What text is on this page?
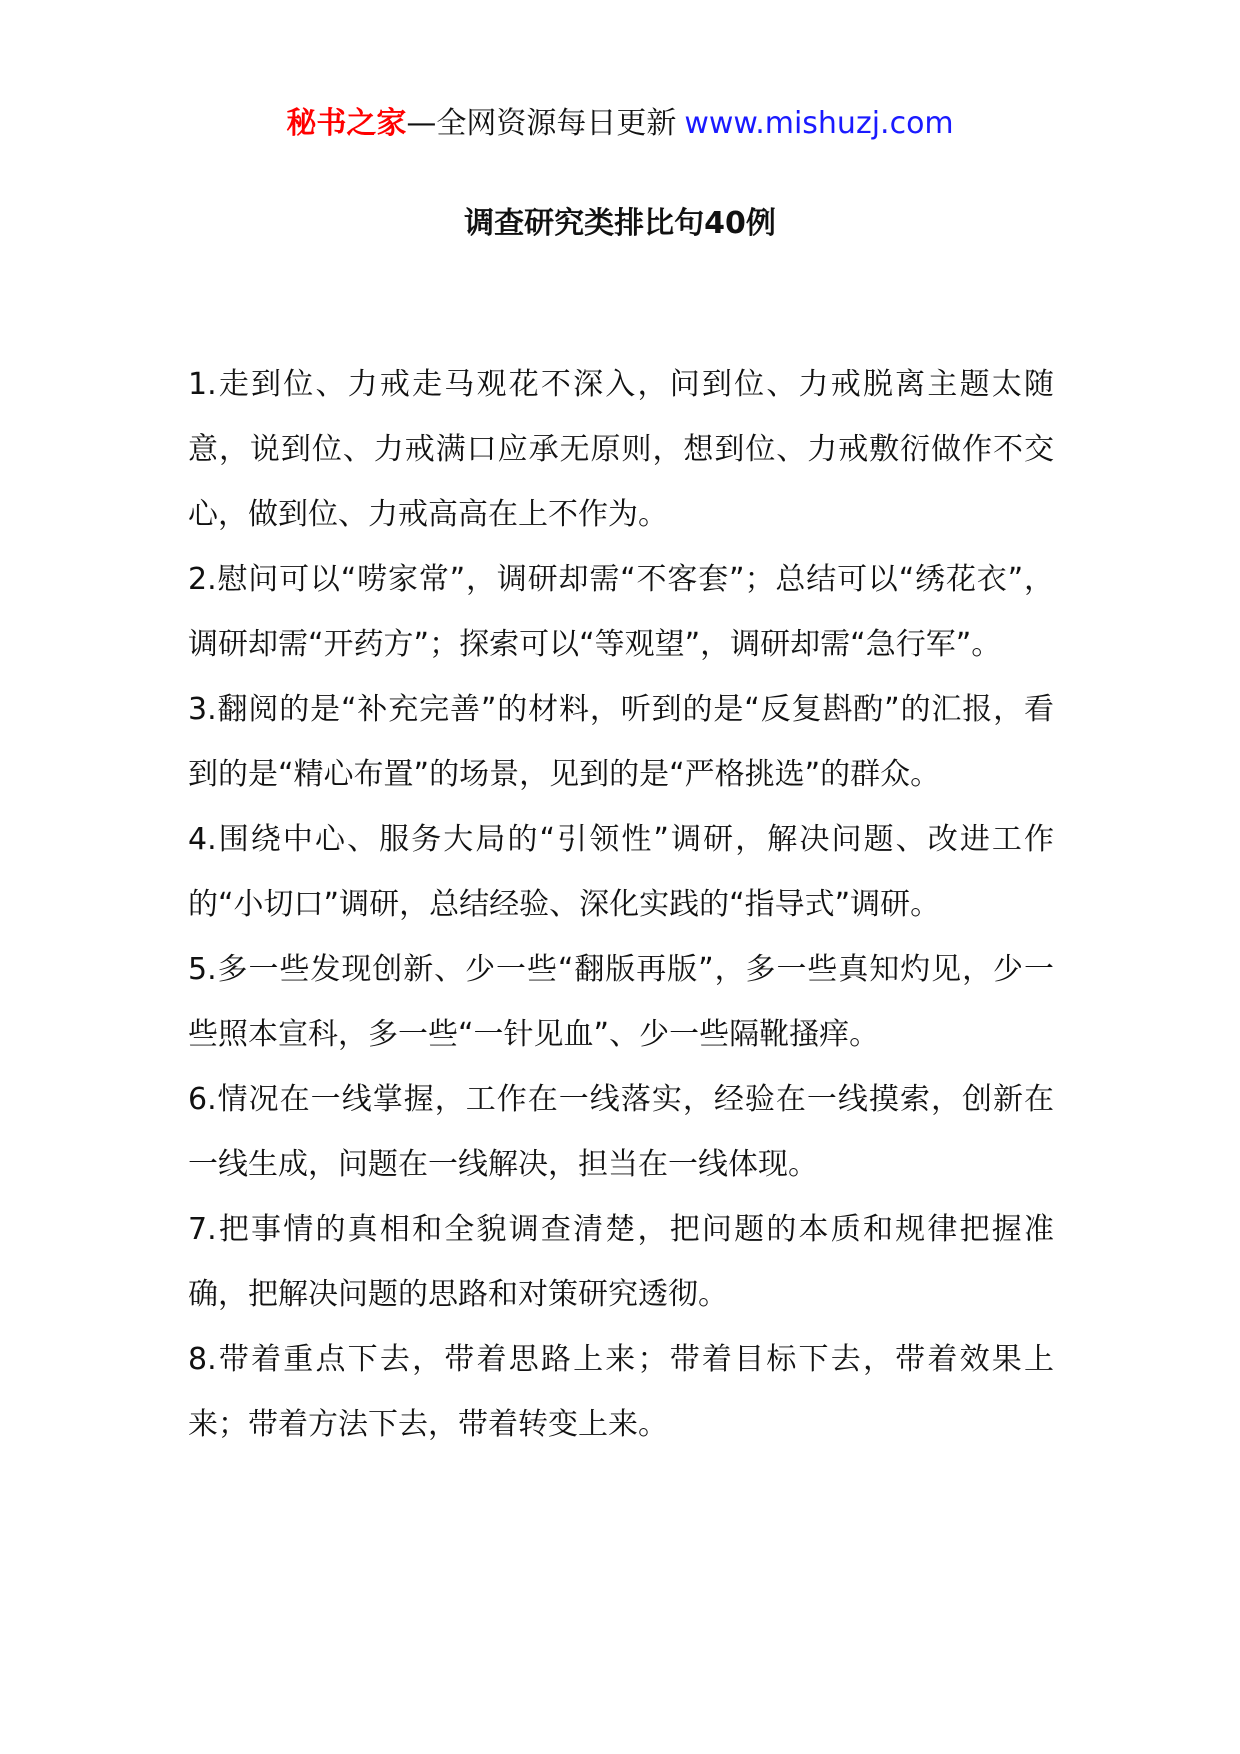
秘书之家—全网资源每日更新 www.mishuzj.com
调查研究类排比句40例

1.走到位、力戒走马观花不深入，问到位、力戒脱离主题太随意，说到位、力戒满口应承无原则，想到位、力戒敷衍做作不交心，做到位、力戒高高在上不作为。

2.慰问可以“唠家常”，调研却需“不客套”；总结可以“绣花衣”，调研却需“开药方”；探索可以“等观望”，调研却需“急行军”。

3.翻阅的是“补充完善”的材料，听到的是“反复斟酌”的汇报，看到的是“精心布置”的场景，见到的是“严格挑选”的群众。

4.围绕中心、服务大局的“引领性”调研，解决问题、改进工作的“小切口”调研，总结经验、深化实践的“指导式”调研。

5.多一些发现创新、少一些“翻版再版”，多一些真知灼见，少一些照本宣科，多一些“一针见血”、少一些隔靴搔痒。

6.情况在一线掌握，工作在一线落实，经验在一线摸索，创新在一线生成，问题在一线解决，担当在一线体现。

7.把事情的真相和全貌调查清楚，把问题的本质和规律把握准确，把解决问题的思路和对策研究透彻。

8.带着重点下去，带着思路上来；带着目标下去，带着效果上来；带着方法下去，带着转变上来。
